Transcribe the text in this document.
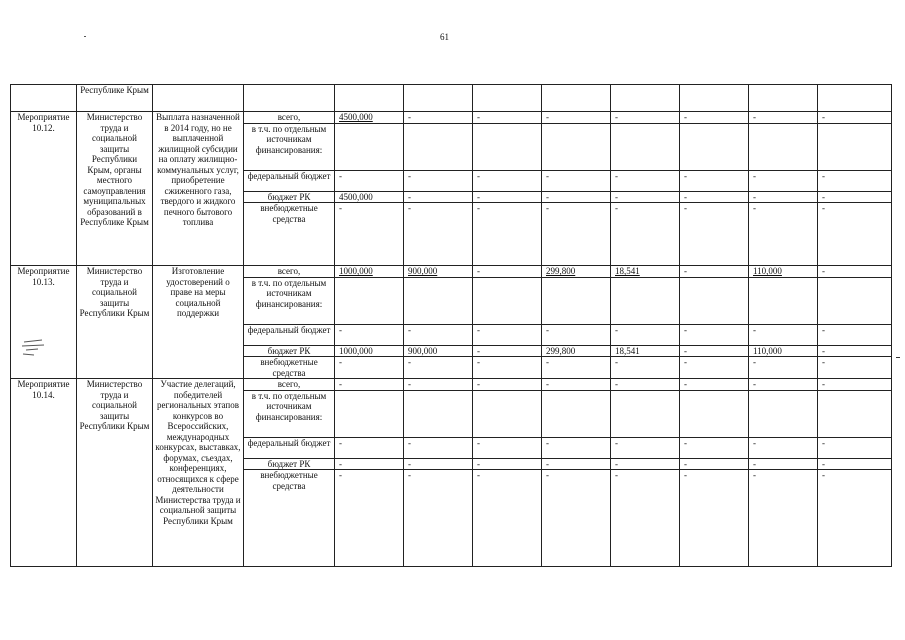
61
	Республике Крым										
Мероприятие 10.12.	Министерство труда и социальной защиты Республики Крым, органы местного самоуправления муниципальных образований в Республике Крым	Выплата назначенной в 2014 году, но не выплаченной жилищной субсидии на оплату жилищно-коммунальных услуг, приобретение сжиженного газа, твердого и жидкого печного бытового топлива	всего,	4500,000	-	-	-	-	-	-	-
			в т.ч. по отдельным источникам финансирования:								
			федеральный бюджет	-	-	-	-	-	-	-	-
			бюджет РК	4500,000	-	-	-	-	-	-	-
			внебюджетные средства	-	-	-	-	-	-	-	-
Мероприятие 10.13.	Министерство труда и социальной защиты Республики Крым	Изготовление удостоверений о праве на меры социальной поддержки	всего,	1000,000	900,000	-	299,800	18,541	-	110,000	-
			в т.ч. по отдельным источникам финансирования:								
			федеральный бюджет	-	-	-	-	-	-	-	-
			бюджет РК	1000,000	900,000	-	299,800	18,541	-	110,000	-
			внебюджетные средства	-	-	-	-	-	-	-	-
Мероприятие 10.14.	Министерство труда и социальной защиты Республики Крым	Участие делегаций, победителей региональных этапов конкурсов во Всероссийских, международных конкурсах, выставках, форумах, съездах, конференциях, относящихся к сфере деятельности Министерства труда и социальной защиты Республики Крым	всего,	-	-	-	-	-	-	-	-
			в т.ч. по отдельным источникам финансирования:								
			федеральный бюджет	-	-	-	-	-	-	-	-
			бюджет РК	-	-	-	-	-	-	-	-
			внебюджетные средства	-	-	-	-	-	-	-	-
